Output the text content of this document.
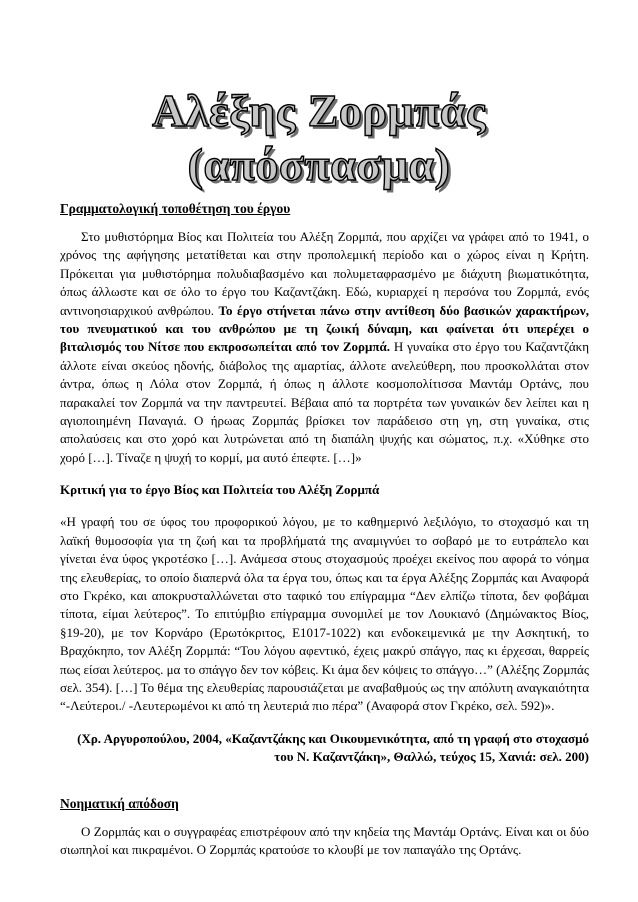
Αλέξης Ζορμπάς
(απόσπασμα)
Γραμματολογική τοποθέτηση του έργου

Στο μυθιστόρημα Βίος και Πολιτεία του Αλέξη Ζορμπά, που αρχίζει να γράφει από το 1941, ο χρόνος της αφήγησης μετατίθεται και στην προπολεμική περίοδο και ο χώρος είναι η Κρήτη. Πρόκειται για μυθιστόρημα πολυδιαβασμένο και πολυμεταφρασμένο με διάχυτη βιωματικότητα, όπως άλλωστε και σε όλο το έργο του Καζαντζάκη. Εδώ, κυριαρχεί η περσόνα του Ζορμπά, ενός αντινοησιαρχικού ανθρώπου. Το έργο στήνεται πάνω στην αντίθεση δύο βασικών χαρακτήρων, του πνευματικού και του ανθρώπου με τη ζωική δύναμη, και φαίνεται ότι υπερέχει ο βιταλισμός του Νίτσε που εκπροσωπείται από τον Ζορμπά. Η γυναίκα στο έργο του Καζαντζάκη άλλοτε είναι σκεύος ηδονής, διάβολος της αμαρτίας, άλλοτε ανελεύθερη, που προσκολλάται στον άντρα, όπως η Λόλα στον Ζορμπά, ή όπως η άλλοτε κοσμοπολίτισσα Μαντάμ Ορτάνς, που παρακαλεί τον Ζορμπά να την παντρευτεί. Βέβαια από τα πορτρέτα των γυναικών δεν λείπει και η αγιοποιημένη Παναγιά. Ο ήρωας Ζορμπάς βρίσκει τον παράδεισο στη γη, στη γυναίκα, στις απολαύσεις και στο χορό και λυτρώνεται από τη διαπάλη ψυχής και σώματος, π.χ. «Χύθηκε στο χορό […]. Τίναζε η ψυχή το κορμί, μα αυτό έπεφτε. […]»

Κριτική για το έργο Βίος και Πολιτεία του Αλέξη Ζορμπά

«Η γραφή του σε ύφος του προφορικού λόγου, με το καθημερινό λεξιλόγιο, το στοχασμό και τη λαϊκή θυμοσοφία για τη ζωή και τα προβλήματά της αναμιγνύει το σοβαρό με το ευτράπελο και γίνεται ένα ύφος γκροτέσκο […]. Ανάμεσα στους στοχασμούς προέχει εκείνος που αφορά το νόημα της ελευθερίας, το οποίο διαπερνά όλα τα έργα του, όπως και τα έργα Αλέξης Ζορμπάς και Αναφορά στο Γκρέκο, και αποκρυσταλλώνεται στο ταφικό του επίγραμμα “Δεν ελπίζω τίποτα, δεν φοβάμαι τίποτα, είμαι λεύτερος”. Το επιτύμβιο επίγραμμα συνομιλεί με τον Λουκιανό (Δημώνακτος Βίος, §19-20), με τον Κορνάρο (Ερωτόκριτος, Ε1017-1022) και ενδοκειμενικά με την Ασκητική, το Βραχόκηπο, τον Αλέξη Ζορμπά: “Του λόγου αφεντικό, έχεις μακρύ σπάγγο, πας κι έρχεσαι, θαρρείς πως είσαι λεύτερος. μα το σπάγγο δεν τον κόβεις. Κι άμα δεν κόψεις το σπάγγο…” (Αλέξης Ζορμπάς σελ. 354). […] Το θέμα της ελευθερίας παρουσιάζεται με αναβαθμούς ως την απόλυτη αναγκαιότητα “-Λεύτεροι./ -Λευτερωμένοι κι από τη λευτεριά πιο πέρα” (Αναφορά στον Γκρέκο, σελ. 592)».

(Χρ. Αργυροπούλου, 2004, «Καζαντζάκης και Οικουμενικότητα, από τη γραφή στο στοχασμό
του Ν. Καζαντζάκη», Θαλλώ, τεύχος 15, Χανιά: σελ. 200)
Νοηματική απόδοση

Ο Ζορμπάς και ο συγγραφέας επιστρέφουν από την κηδεία της Μαντάμ Ορτάνς. Είναι και οι δύο σιωπηλοί και πικραμένοι. Ο Ζορμπάς κρατούσε το κλουβί με τον παπαγάλο της Ορτάνς.
